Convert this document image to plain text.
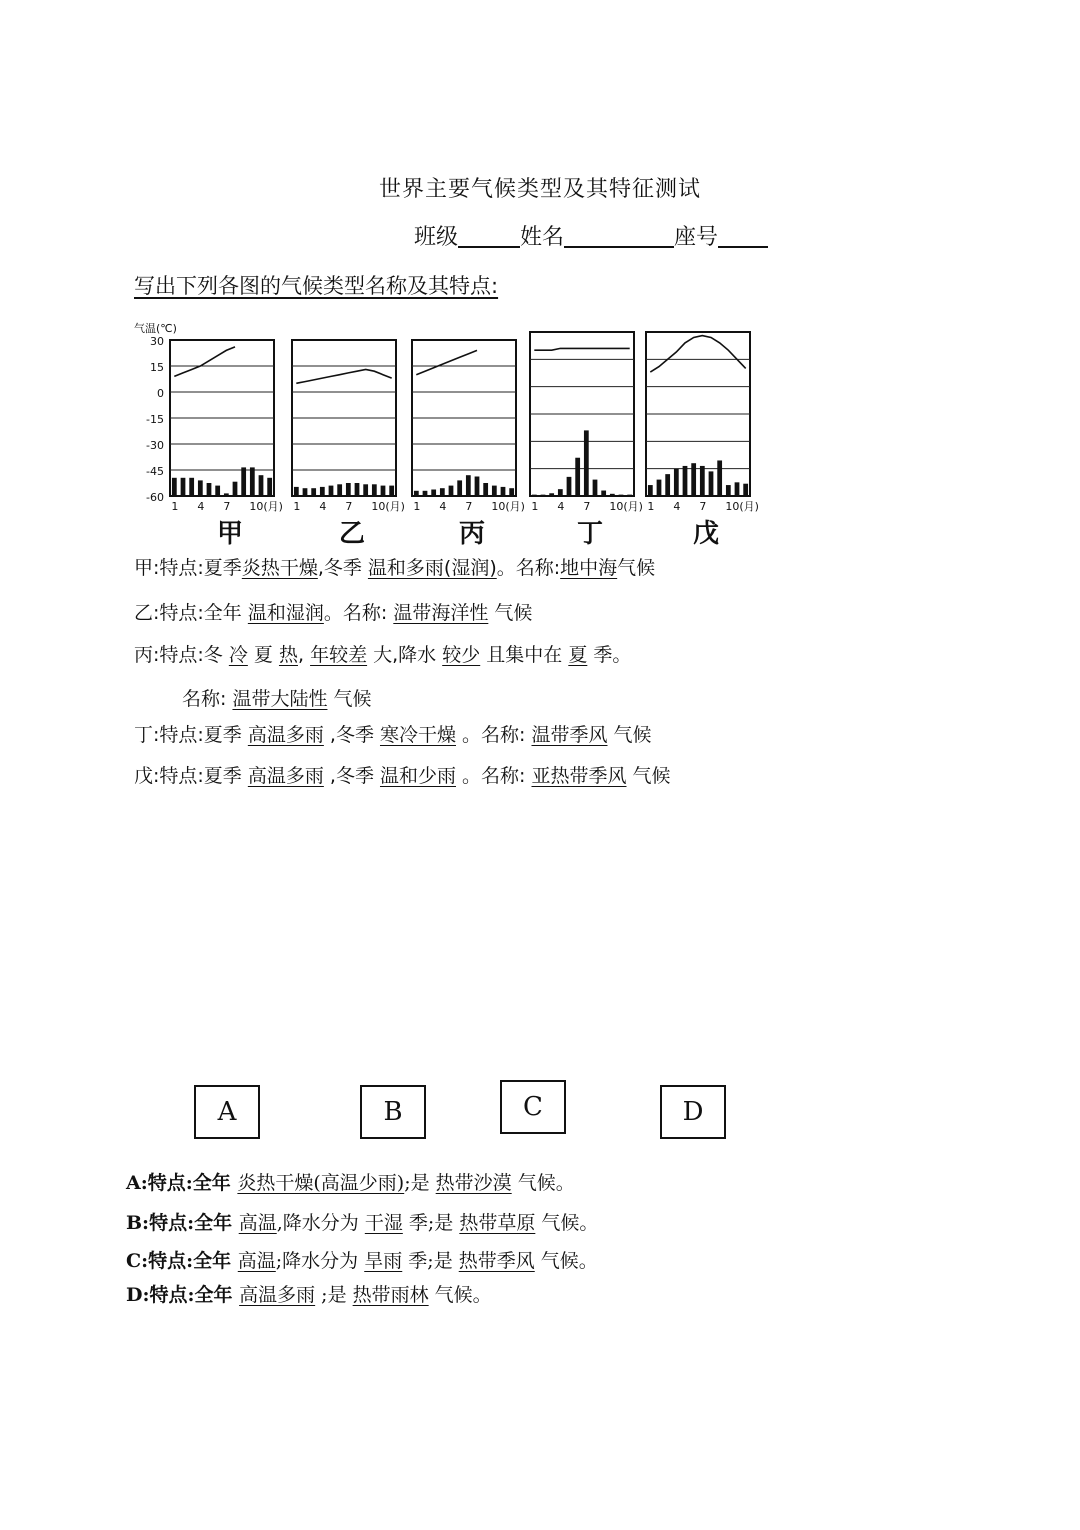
世界主要气候类型及其特征测试
班级	姓名	座号
写出下列各图的气候类型名称及其特点:
1 4 7 10(月)
甲
1 4 7 10(月)
乙
1 4 7 10(月)
丙
1 4 7 10(月)
丁
1 4 7 10(月)
戊
气温(℃)
30
15
0
-15
-30
-45
-60
甲:特点:夏季炎热干燥,冬季 温和多雨(湿润)。名称:地中海气候
乙:特点:全年 温和湿润。名称: 温带海洋性 气候
丙:特点:冬 冷 夏 热, 年较差 大,降水 较少 且集中在 夏 季。
名称: 温带大陆性 气候
丁:特点:夏季 高温多雨 ,冬季 寒冷干燥 。名称: 温带季风 气候
戊:特点:夏季 高温多雨 ,冬季 温和少雨 。名称: 亚热带季风 气候
A	B	C	D
A:特点:全年 炎热干燥(高温少雨);是 热带沙漠 气候。
B:特点:全年 高温,降水分为 干湿 季;是 热带草原 气候。
C:特点:全年 高温;降水分为 旱雨 季;是 热带季风 气候。
D:特点:全年 高温多雨 ;是 热带雨林 气候。
